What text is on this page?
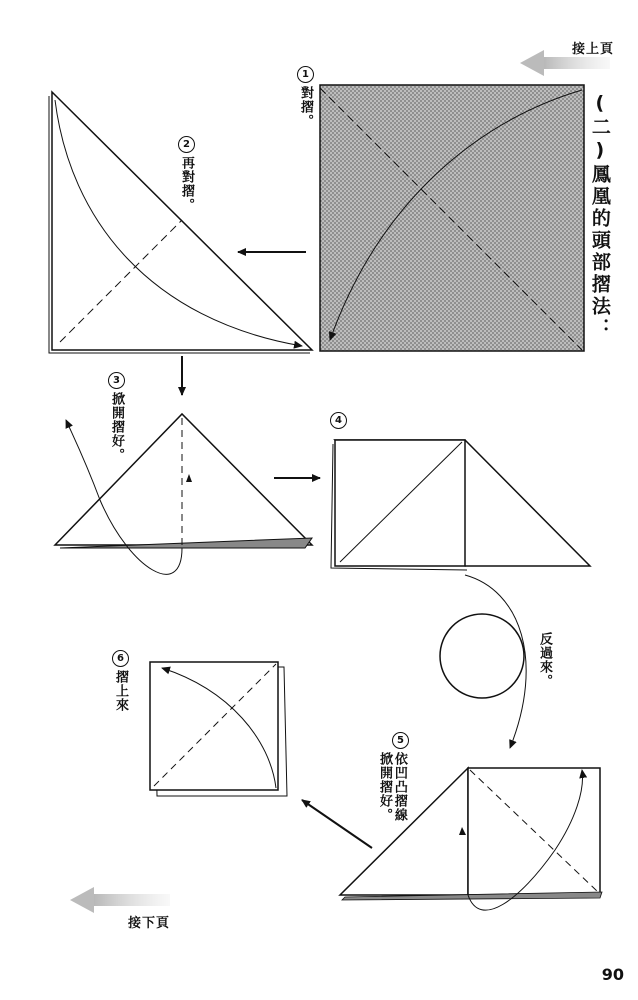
接上頁
接下頁
(二)鳳凰的頭部摺法：
1
對摺。
2
再對摺。
3
掀開摺好。	4
反過來。
5
依凹凸摺線掀開摺好。
6
摺上來
90
